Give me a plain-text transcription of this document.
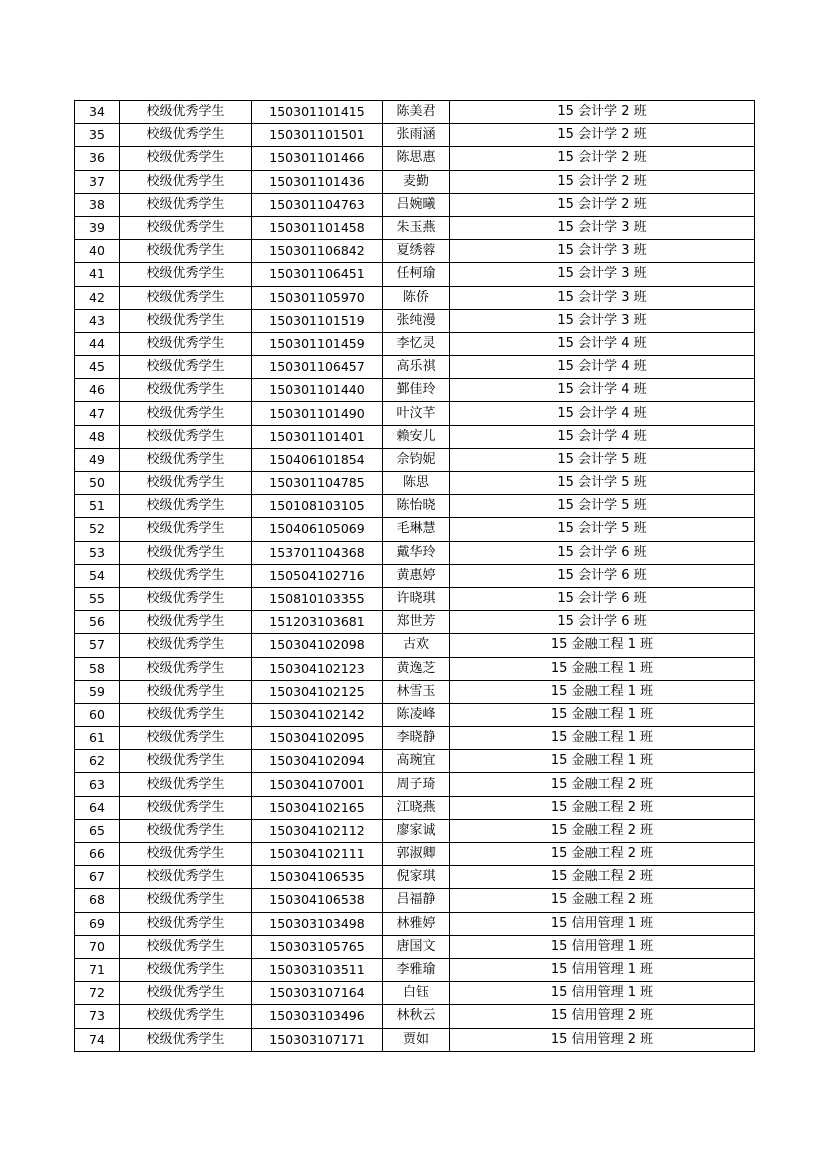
34	校级优秀学生	150301101415	陈美君	15 会计学 2 班
35	校级优秀学生	150301101501	张雨涵	15 会计学 2 班
36	校级优秀学生	150301101466	陈思惠	15 会计学 2 班
37	校级优秀学生	150301101436	麦勤	15 会计学 2 班
38	校级优秀学生	150301104763	吕婉曦	15 会计学 2 班
39	校级优秀学生	150301101458	朱玉燕	15 会计学 3 班
40	校级优秀学生	150301106842	夏绣蓉	15 会计学 3 班
41	校级优秀学生	150301106451	任柯瑜	15 会计学 3 班
42	校级优秀学生	150301105970	陈侨	15 会计学 3 班
43	校级优秀学生	150301101519	张纯漫	15 会计学 3 班
44	校级优秀学生	150301101459	李忆灵	15 会计学 4 班
45	校级优秀学生	150301106457	高乐祺	15 会计学 4 班
46	校级优秀学生	150301101440	鄞佳玲	15 会计学 4 班
47	校级优秀学生	150301101490	叶汶芊	15 会计学 4 班
48	校级优秀学生	150301101401	赖安儿	15 会计学 4 班
49	校级优秀学生	150406101854	佘钧妮	15 会计学 5 班
50	校级优秀学生	150301104785	陈思	15 会计学 5 班
51	校级优秀学生	150108103105	陈怡晓	15 会计学 5 班
52	校级优秀学生	150406105069	毛琳慧	15 会计学 5 班
53	校级优秀学生	153701104368	戴华玲	15 会计学 6 班
54	校级优秀学生	150504102716	黄惠婷	15 会计学 6 班
55	校级优秀学生	150810103355	许晓琪	15 会计学 6 班
56	校级优秀学生	151203103681	郑世芳	15 会计学 6 班
57	校级优秀学生	150304102098	古欢	15 金融工程 1 班
58	校级优秀学生	150304102123	黄逸芝	15 金融工程 1 班
59	校级优秀学生	150304102125	林雪玉	15 金融工程 1 班
60	校级优秀学生	150304102142	陈凌峰	15 金融工程 1 班
61	校级优秀学生	150304102095	李晓静	15 金融工程 1 班
62	校级优秀学生	150304102094	高琬宜	15 金融工程 1 班
63	校级优秀学生	150304107001	周子琦	15 金融工程 2 班
64	校级优秀学生	150304102165	江晓燕	15 金融工程 2 班
65	校级优秀学生	150304102112	廖家诚	15 金融工程 2 班
66	校级优秀学生	150304102111	郭淑卿	15 金融工程 2 班
67	校级优秀学生	150304106535	倪家琪	15 金融工程 2 班
68	校级优秀学生	150304106538	吕福静	15 金融工程 2 班
69	校级优秀学生	150303103498	林雅婷	15 信用管理 1 班
70	校级优秀学生	150303105765	唐国文	15 信用管理 1 班
71	校级优秀学生	150303103511	李雅瑜	15 信用管理 1 班
72	校级优秀学生	150303107164	白钰	15 信用管理 1 班
73	校级优秀学生	150303103496	林秋云	15 信用管理 2 班
74	校级优秀学生	150303107171	贾如	15 信用管理 2 班
